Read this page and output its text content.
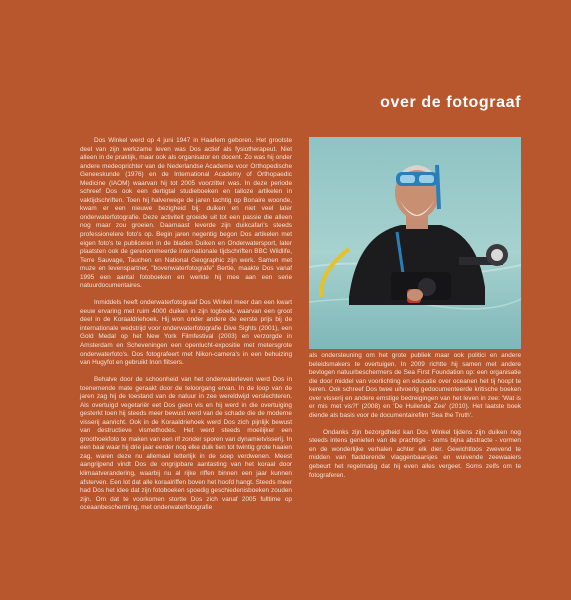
over de fotograaf

Dos Winkel werd op 4 juni 1947 in Haarlem geboren. Het grootste deel van zijn werkzame leven was Dos actief als fysiotherapeut. Niet alleen in de praktijk, maar ook als organisator en docent. Zo was hij onder andere medeoprichter van de Nederlandse Academie voor Orthopedische Geneeskunde (1976) en de International Academy of Orthopaedic Medicine (IAOM) waarvan hij tot 2005 voorzitter was. In deze periode schreef Dos ook een dertigtal studieboeken en talloze artikelen in vaktijdschriften. Toen hij halverwege de jaren tachtig op Bonaire woonde, kwam er een nieuwe bezigheid bij: duiken en niet veel later onderwaterfotografie. Deze activiteit groeide uit tot een passie die alleen nog maar zou groeien. Daarnaast leverde zijn duikcafari's steeds professionelere foto's op. Begin jaren negentig begon Dos artikelen met eigen foto's te publiceren in de bladen Duiken en Onderwatersport, later plaatsten ook de gerenommeerde internationale tijdschriften BBC Wildlife, Terre Sauvage, Tauchen en National Geographic zijn werk. Samen met muze en levenspartner, "bovenwaterfotografe" Bertie, maakte Dos vanaf 1995 een aantal fotoboeken en werkte hij mee aan een serie natuurdocumentaires.

Inmiddels heeft onderwaterfotograaf Dos Winkel meer dan een kwart eeuw ervaring met ruim 4000 duiken in zijn logboek, waarvan een groot deel in de Koraaldriehoek. Hij won onder andere de eerste prijs bij de internationale wedstrijd voor onderwaterfotografie Dive Sights (2001), een Gold Medal op het New York Filmfestival (2003) en verzorgde in Amsterdam en Scheveningen een openlucht-expositie met metersgrote onderwaterfoto's. Dos fotografeert met Nikon-camera's in een behuizing van Hugyfot en gebruikt Inon flitsers.

Behalve door de schoonheid van het onderwaterleven werd Dos in toenemende mate geraakt door de teloorgang ervan. In de loop van de jaren zag hij de toestand van de natuur in zee wereldwijd verslechteren. Als overtuigd vegetariër eet Dos geen vis en hij werd in die overtuiging gesterkt toen hij steeds meer bewust werd van de schade die de moderne visserij aanricht. Ook in de Koraaldriehoek werd Dos zich pijnlijk bewust van destructieve vismethodes. Het werd steeds moeilijker een groothoekfoto te maken van een rif zonder sporen van dynamietvisserij. In een baai waar hij drie jaar eerder nog elke duik tien tot twintig grote haaien zag, waren deze nu allemaal letterlijk in de soep verdwenen. Meest aangrijpend vindt Dos de ongrijpbare aantasting van het koraal door klimaatverandering, waarbij nu al rijke riffen binnen een jaar kunnen afsterven. Een lot dat alle koraalriffen boven het hoofd hangt. Steeds meer had Dos het idee dat zijn fotoboeken spoedig geschiedenisboeken zouden zijn. Om dat te voorkomen stortte Dos zich vanaf 2005 fulltime op oceaanbescherming, met onderwaterfotografie

als ondersteuning om het grote publiek maar ook politici en andere beleidsmakers te overtuigen. In 2009 richtte hij samen met andere bevlogen natuurbeschermers de Sea First Foundation op: een organisatie die door middel van voorlichting en educatie over oceanen het tij hoopt te keren. Ook schreef Dos twee uitvoerig gedocumenteerde kritische boeken over visserij en andere ernstige bedreigingen van het leven in zee: 'Wat is er mis met vis?!' (2008) en 'De Huilende Zee' (2010). Het laatste boek diende als basis voor de documentairefilm 'Sea the Truth'.

Ondanks zijn bezorgdheid kan Dos Winkel tijdens zijn duiken nog steeds intens genieten van de prachtige - soms bijna abstracte - vormen en de wonderlijke verhalen achter elk dier. Gewichtloos zwevend te midden van fladderende vlaggenbaarsjes en wuivende zeewaaiers gebeurt het regelmatig dat hij even alles vergeet. Soms zelfs om te fotograferen.
